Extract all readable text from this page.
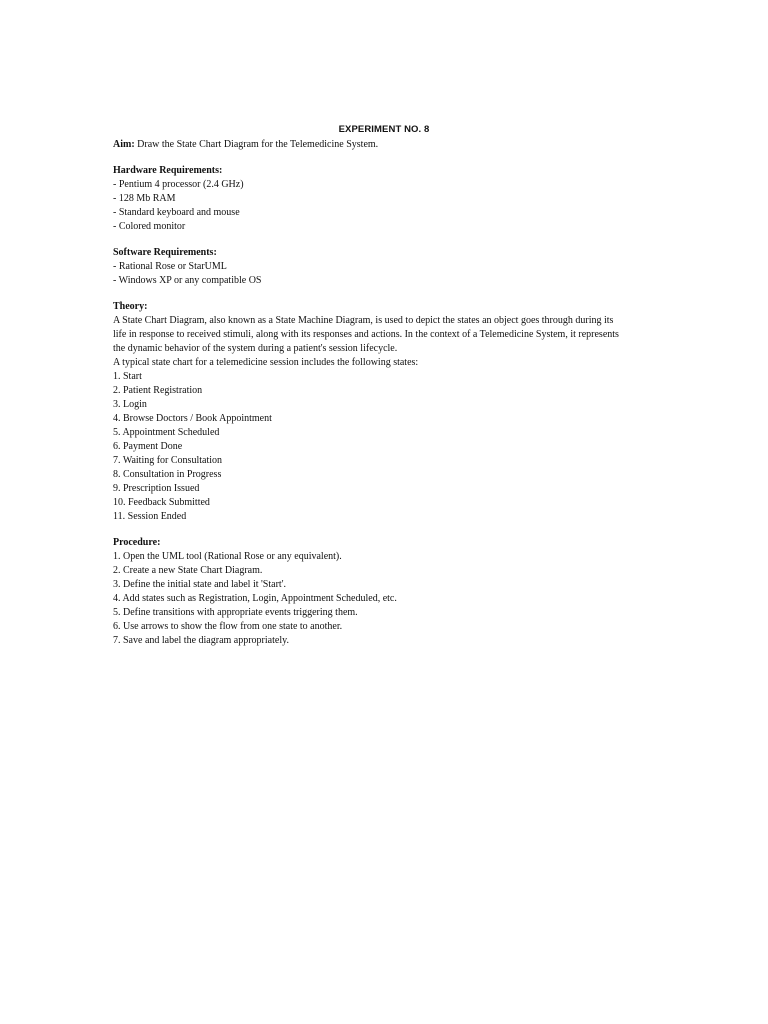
EXPERIMENT NO. 8
Aim: Draw the State Chart Diagram for the Telemedicine System.
Hardware Requirements:
- Pentium 4 processor (2.4 GHz)
- 128 Mb RAM
- Standard keyboard and mouse
- Colored monitor
Software Requirements:
- Rational Rose or StarUML
- Windows XP or any compatible OS
Theory:
A State Chart Diagram, also known as a State Machine Diagram, is used to depict the states an object goes through during its
life in response to received stimuli, along with its responses and actions. In the context of a Telemedicine System, it represents
the dynamic behavior of the system during a patient's session lifecycle.
A typical state chart for a telemedicine session includes the following states:
1. Start
2. Patient Registration
3. Login
4. Browse Doctors / Book Appointment
5. Appointment Scheduled
6. Payment Done
7. Waiting for Consultation
8. Consultation in Progress
9. Prescription Issued
10. Feedback Submitted
11. Session Ended
Procedure:
1. Open the UML tool (Rational Rose or any equivalent).
2. Create a new State Chart Diagram.
3. Define the initial state and label it 'Start'.
4. Add states such as Registration, Login, Appointment Scheduled, etc.
5. Define transitions with appropriate events triggering them.
6. Use arrows to show the flow from one state to another.
7. Save and label the diagram appropriately.
